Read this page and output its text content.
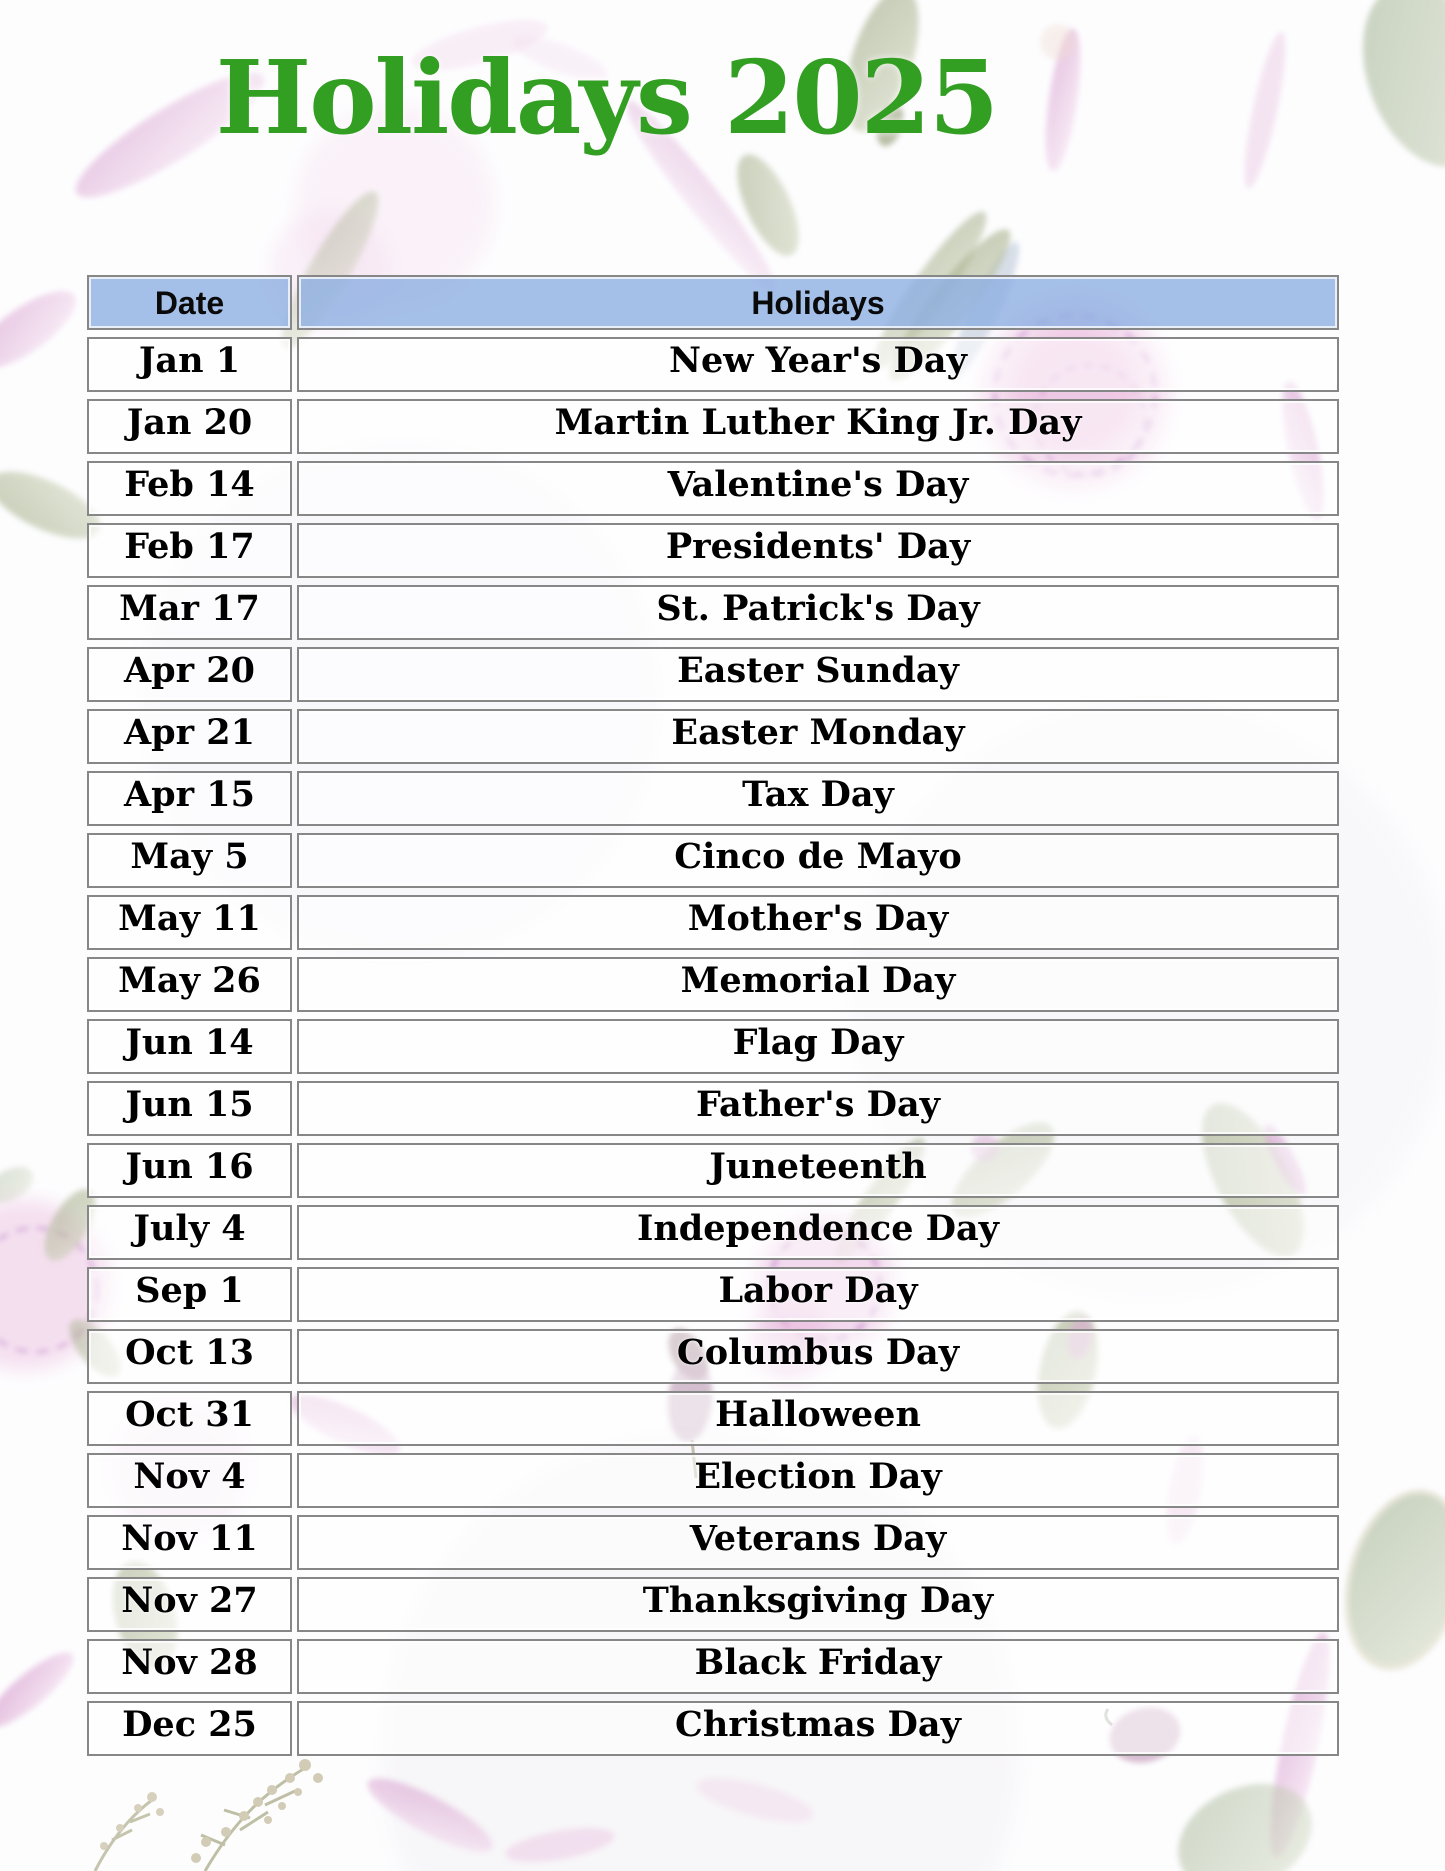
Holidays 2025
Date	Holidays
Jan 1	New Year's Day
Jan 20	Martin Luther King Jr. Day
Feb 14	Valentine's Day
Feb 17	Presidents' Day
Mar 17	St. Patrick's Day
Apr 20	Easter Sunday
Apr 21	Easter Monday
Apr 15	Tax Day
May 5	Cinco de Mayo
May 11	Mother's Day
May 26	Memorial Day
Jun 14	Flag Day
Jun 15	Father's Day
Jun 16	Juneteenth
July 4	Independence Day
Sep 1	Labor Day
Oct 13	Columbus Day
Oct 31	Halloween
Nov 4	Election Day
Nov 11	Veterans Day
Nov 27	Thanksgiving Day
Nov 28	Black Friday
Dec 25	Christmas Day
